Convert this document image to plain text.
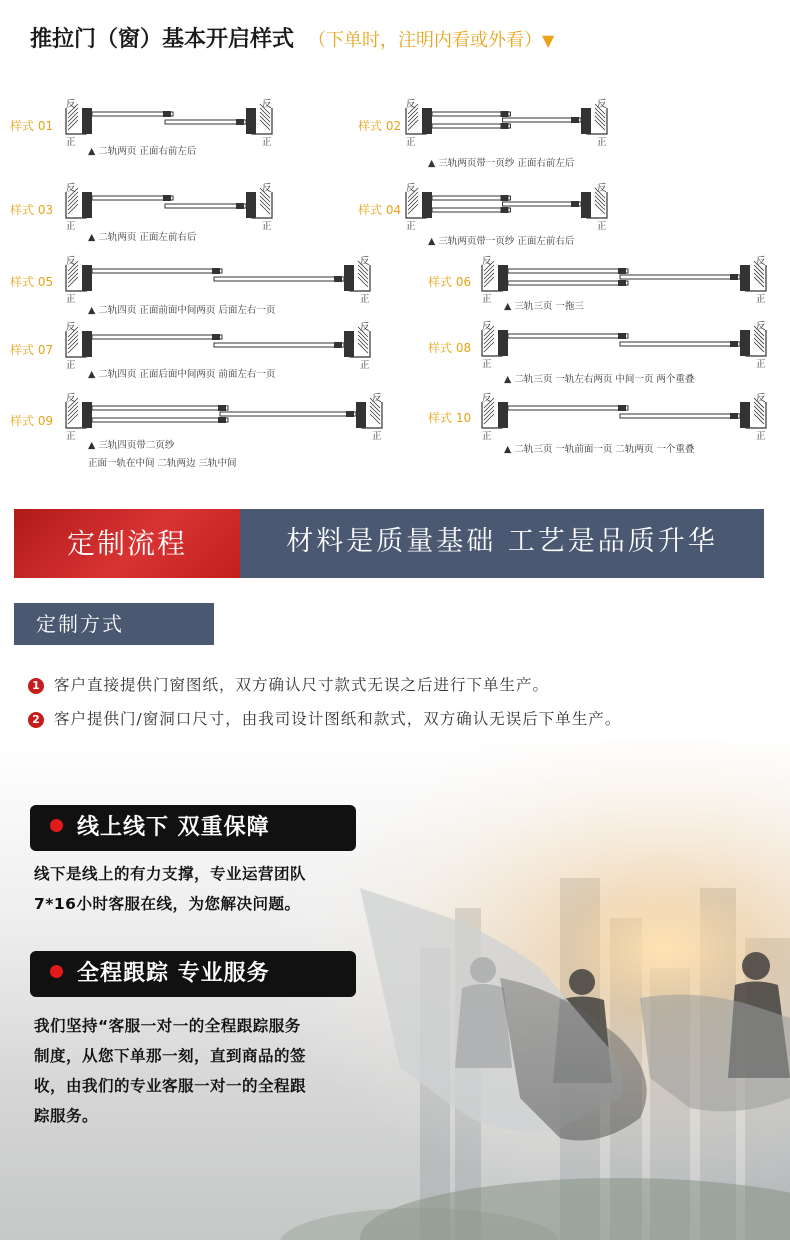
推拉门（窗）基本开启样式 （下单时，注明内看或外看）▼
样式 01
反
正
反
正
▲ 二轨两页 正面右前左后
样式 02
反
正
反
正
▲ 三轨两页带一页纱 正面右前左后
样式 03
反
正
反
正
▲ 二轨两页 正面左前右后
样式 04
反
正
反
正
▲ 三轨两页带一页纱 正面左前右后
样式 05
反
正
反
正
▲ 二轨四页 正面前面中间两页 后面左右一页
样式 06
反
正
反
正
▲ 三轨三页 一拖三
样式 07
反
正
反
正
▲ 二轨四页 正面后面中间两页 前面左右一页
样式 08
反
正
反
正
▲ 二轨三页 一轨左右两页 中间一页 两个重叠
样式 09
反
正
反
正
▲ 三轨四页带二页纱
正面一轨在中间 二轨两边 三轨中间
样式 10
反
正
反
正
▲ 二轨三页 一轨前面一页 二轨两页 一个重叠
定制流程	材料是质量基础 工艺是品质升华
定制方式
1 客户直接提供门窗图纸，双方确认尺寸款式无误之后进行下单生产。
2 客户提供门/窗洞口尺寸，由我司设计图纸和款式，双方确认无误后下单生产。
线上线下 双重保障
线下是线上的有力支撑，专业运营团队
7*16小时客服在线，为您解决问题。
全程跟踪 专业服务
我们坚持“客服一对一的全程跟踪服务
制度，从您下单那一刻，直到商品的签
收，由我们的专业客服一对一的全程跟
踪服务。
